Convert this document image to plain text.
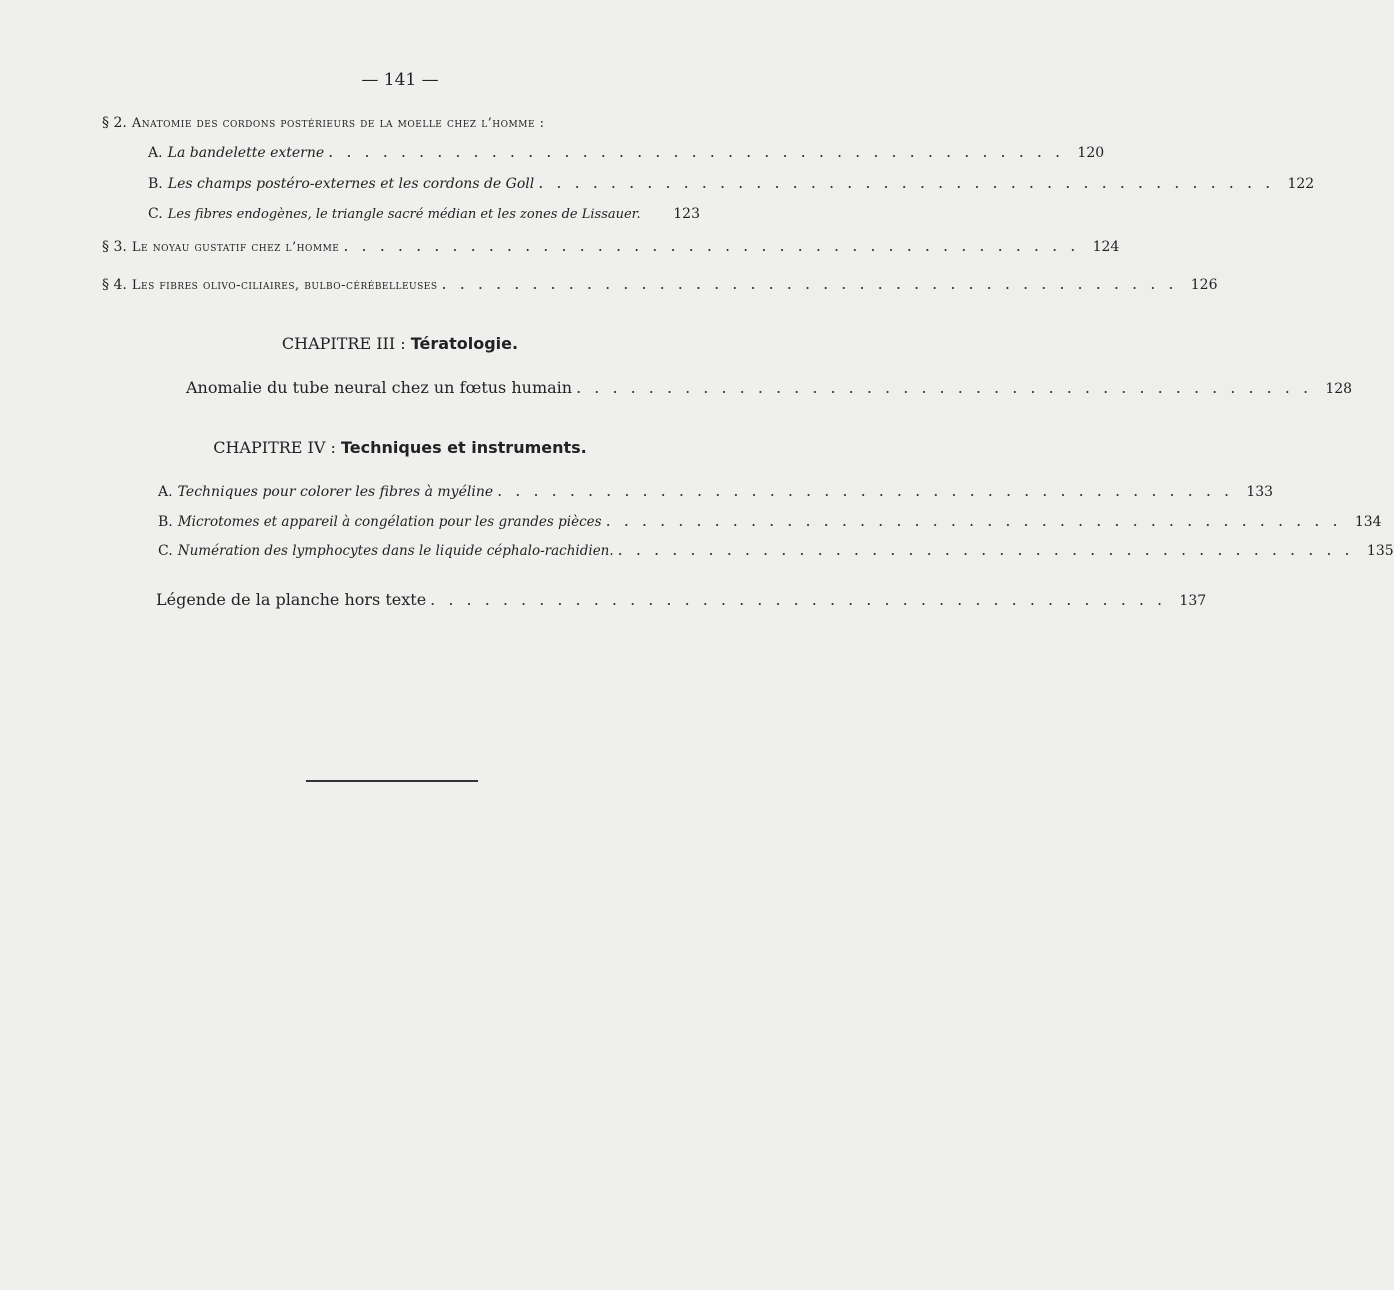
— 141 —
§ 2.
Anatomie des cordons postérieurs de la moelle chez l’homme :
A.
La bandelette externe . . . . . . . . . . . . . . . . . . . . . . . . . . . . . . . . . . . . . . . . . 120
B.
Les champs postéro-externes et les cordons de Goll . . . . . . . . . . . . . . . . . . . . . . . . . . . . . . . . . . . . . . . . . 122
C.
Les fibres endogènes, le triangle sacré médian et les zones de Lissauer.	123
§ 3.
Le noyau gustatif chez l’homme . . . . . . . . . . . . . . . . . . . . . . . . . . . . . . . . . . . . . . . . . 124
§ 4.
Les fibres olivo-ciliaires, bulbo-cérébelleuses . . . . . . . . . . . . . . . . . . . . . . . . . . . . . . . . . . . . . . . . . 126
CHAPITRE III : Tératologie.
Anomalie du tube neural chez un fœtus humain . . . . . . . . . . . . . . . . . . . . . . . . . . . . . . . . . . . . . . . . . 128
CHAPITRE IV : Techniques et instruments.
A.
Techniques pour colorer les fibres à myéline . . . . . . . . . . . . . . . . . . . . . . . . . . . . . . . . . . . . . . . . . 133
B.
Microtomes et appareil à congélation pour les grandes pièces . . . . . . . . . . . . . . . . . . . . . . . . . . . . . . . . . . . . . . . . . 134
C.
Numération des lymphocytes dans le liquide céphalo-rachidien. . . . . . . . . . . . . . . . . . . . . . . . . . . . . . . . . . . . . . . . . . 135
Légende de la planche hors texte . . . . . . . . . . . . . . . . . . . . . . . . . . . . . . . . . . . . . . . . . 137
